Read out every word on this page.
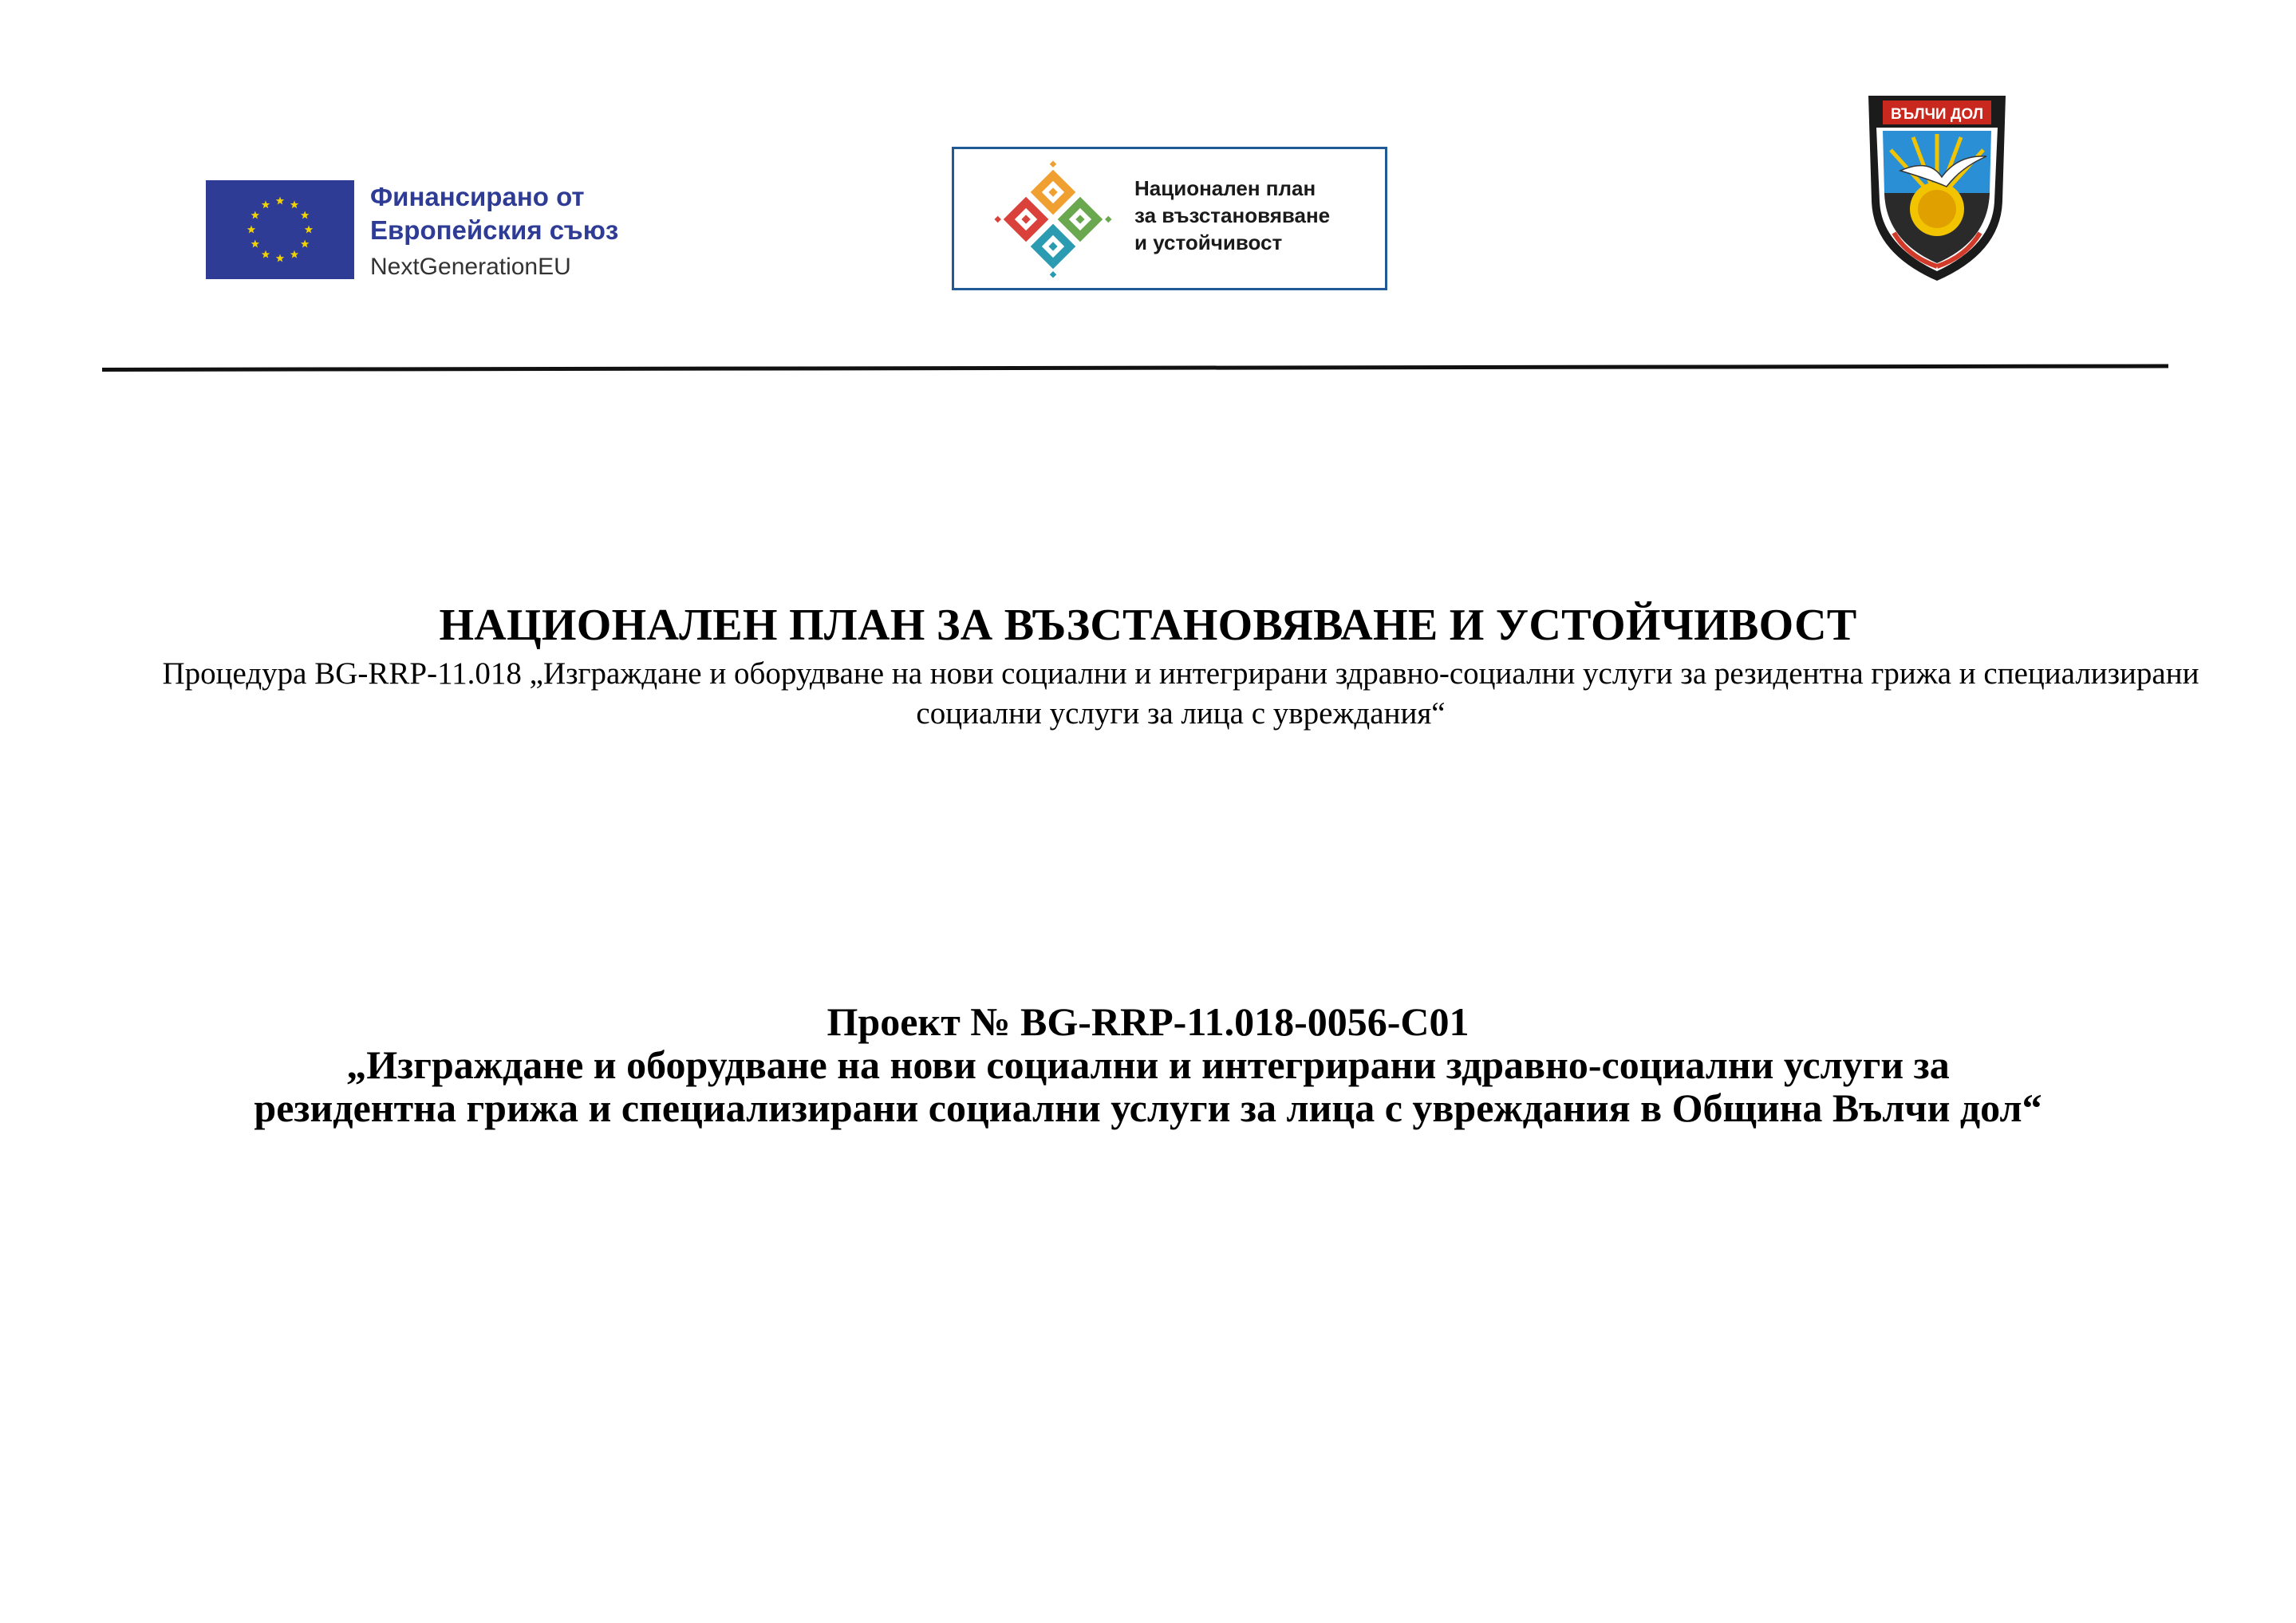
Финансирано от
Европейския съюз
NextGenerationEU
Национален план
за възстановяване
и устойчивост
ВЪЛЧИ ДОЛ
НАЦИОНАЛЕН ПЛАН ЗА ВЪЗСТАНОВЯВАНЕ И УСТОЙЧИВОСТ
Процедура BG-RRP-11.018 „Изграждане и оборудване на нови социални и интегрирани здравно-социални услуги за резидентна грижа и специализирани социални услуги за лица с увреждания“
Проект № BG-RRP-11.018-0056-C01
„Изграждане и оборудване на нови социални и интегрирани здравно-социални услуги за
резидентна грижа и специализирани социални услуги за лица с увреждания в Община Вълчи дол“
